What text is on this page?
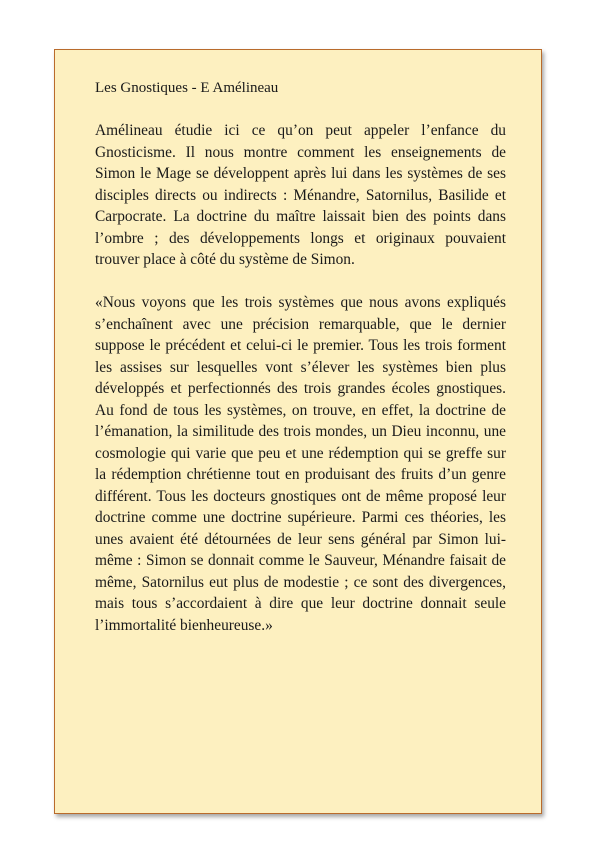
Les Gnostiques - E Amélineau

Amélineau étudie ici ce qu’on peut appeler l’enfance du Gnosticisme. Il nous montre comment les enseignements de Simon le Mage se développent après lui dans les systèmes de ses disciples directs ou indirects : Ménandre, Satornilus, Basilide et Carpocrate. La doctrine du maître laissait bien des points dans l’ombre ; des développements longs et originaux pouvaient trouver place à côté du système de Simon.

«Nous voyons que les trois systèmes que nous avons expliqués s’enchaînent avec une précision remarquable, que le dernier suppose le précédent et celui-ci le premier. Tous les trois forment les assises sur lesquelles vont s’élever les systèmes bien plus développés et perfectionnés des trois grandes écoles gnostiques. Au fond de tous les systèmes, on trouve, en effet, la doctrine de l’émanation, la similitude des trois mondes, un Dieu inconnu, une cosmologie qui varie que peu et une rédemption qui se greffe sur la rédemption chrétienne tout en produisant des fruits d’un genre différent. Tous les docteurs gnostiques ont de même proposé leur doctrine comme une doctrine supérieure. Parmi ces théories, les unes avaient été détournées de leur sens général par Simon lui-même : Simon se donnait comme le Sauveur, Ménandre faisait de même, Satornilus eut plus de modestie ; ce sont des divergences, mais tous s’accordaient à dire que leur doctrine donnait seule l’immortalité bienheureuse.»
